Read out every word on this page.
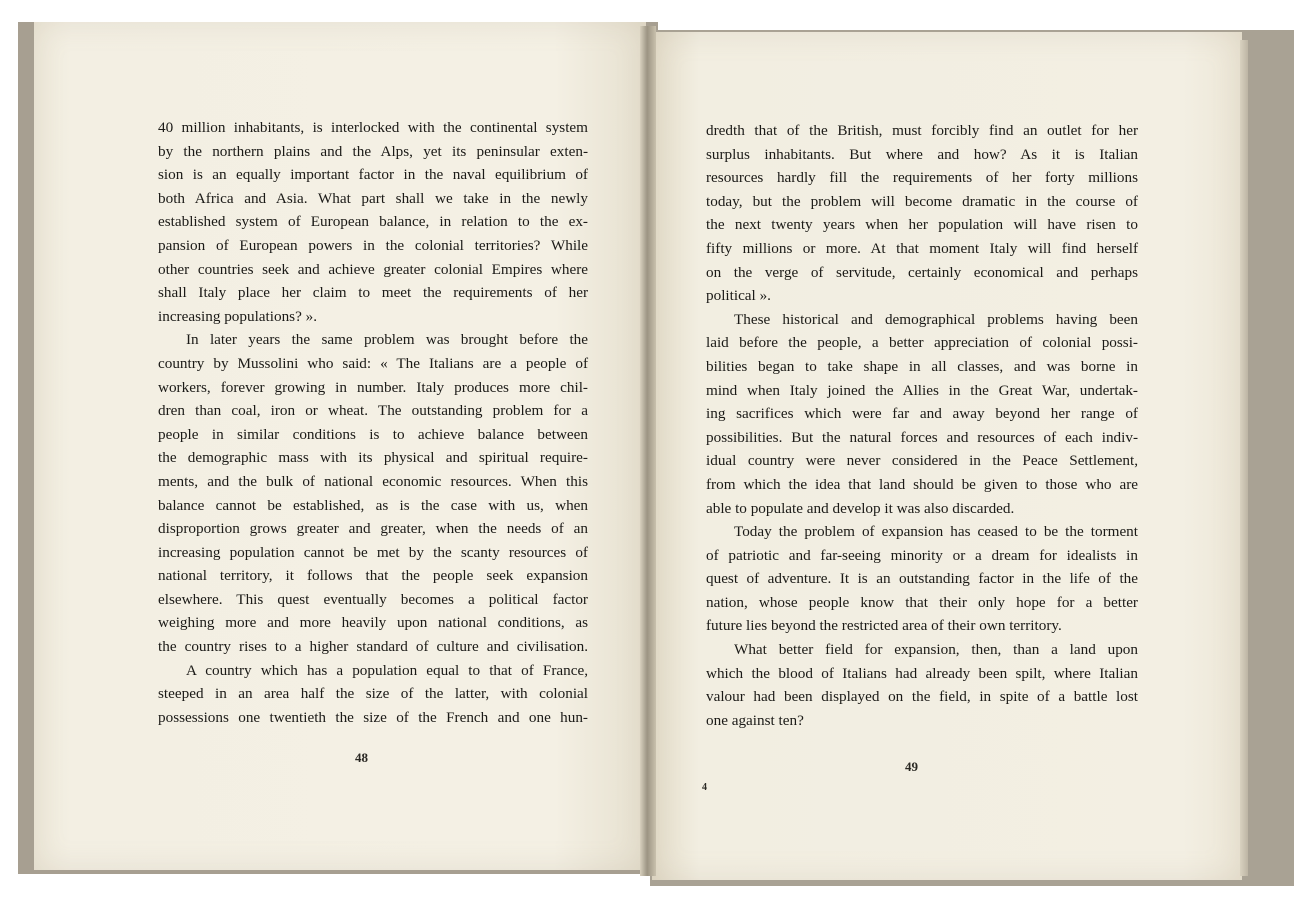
40 million inhabitants, is interlocked with the continental system
by the northern plains and the Alps, yet its peninsular exten-
sion is an equally important factor in the naval equilibrium of
both Africa and Asia. What part shall we take in the newly
established system of European balance, in relation to the ex-
pansion of European powers in the colonial territories? While
other countries seek and achieve greater colonial Empires where
shall Italy place her claim to meet the requirements of her
increasing populations? ».
In later years the same problem was brought before the
country by Mussolini who said: « The Italians are a people of
workers, forever growing in number. Italy produces more chil-
dren than coal, iron or wheat. The outstanding problem for a
people in similar conditions is to achieve balance between
the demographic mass with its physical and spiritual require-
ments, and the bulk of national economic resources. When this
balance cannot be established, as is the case with us, when
disproportion grows greater and greater, when the needs of an
increasing population cannot be met by the scanty resources of
national territory, it follows that the people seek expansion
elsewhere. This quest eventually becomes a political factor
weighing more and more heavily upon national conditions, as
the country rises to a higher standard of culture and civilisation.
A country which has a population equal to that of France,
steeped in an area half the size of the latter, with colonial
possessions one twentieth the size of the French and one hun-
dredth that of the British, must forcibly find an outlet for her
surplus inhabitants. But where and how? As it is Italian
resources hardly fill the requirements of her forty millions
today, but the problem will become dramatic in the course of
the next twenty years when her population will have risen to
fifty millions or more. At that moment Italy will find herself
on the verge of servitude, certainly economical and perhaps
political ».
These historical and demographical problems having been
laid before the people, a better appreciation of colonial possi-
bilities began to take shape in all classes, and was borne in
mind when Italy joined the Allies in the Great War, undertak-
ing sacrifices which were far and away beyond her range of
possibilities. But the natural forces and resources of each indiv-
idual country were never considered in the Peace Settlement,
from which the idea that land should be given to those who are
able to populate and develop it was also discarded.
Today the problem of expansion has ceased to be the torment
of patriotic and far-seeing minority or a dream for idealists in
quest of adventure. It is an outstanding factor in the life of the
nation, whose people know that their only hope for a better
future lies beyond the restricted area of their own territory.
What better field for expansion, then, than a land upon
which the blood of Italians had already been spilt, where Italian
valour had been displayed on the field, in spite of a battle lost
one against ten?
48
49
4
